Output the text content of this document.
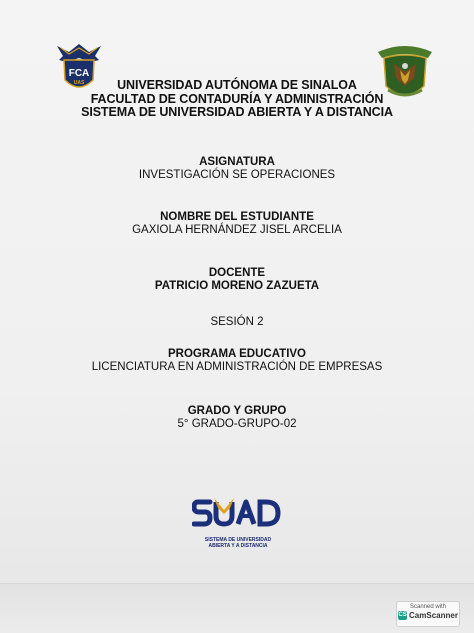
FCA
UAS	UNIVERSIDAD AUTÓNOMA DE SINALOA
FACULTAD DE CONTADURÍA Y ADMINISTRACIÓN
SISTEMA DE UNIVERSIDAD ABIERTA Y A DISTANCIA
ASIGNATURA
INVESTIGACIÓN SE OPERACIONES
NOMBRE DEL ESTUDIANTE
GAXIOLA HERNÁNDEZ JISEL ARCELIA
DOCENTE
PATRICIO MORENO ZAZUETA
SESIÓN 2
PROGRAMA EDUCATIVO
LICENCIATURA EN ADMINISTRACIÓN DE EMPRESAS
GRADO Y GRUPO
5° GRADO-GRUPO-02
SISTEMA DE UNIVERSIDAD
ABIERTA Y A DISTANCIA
Scanned with
CS CamScanner
